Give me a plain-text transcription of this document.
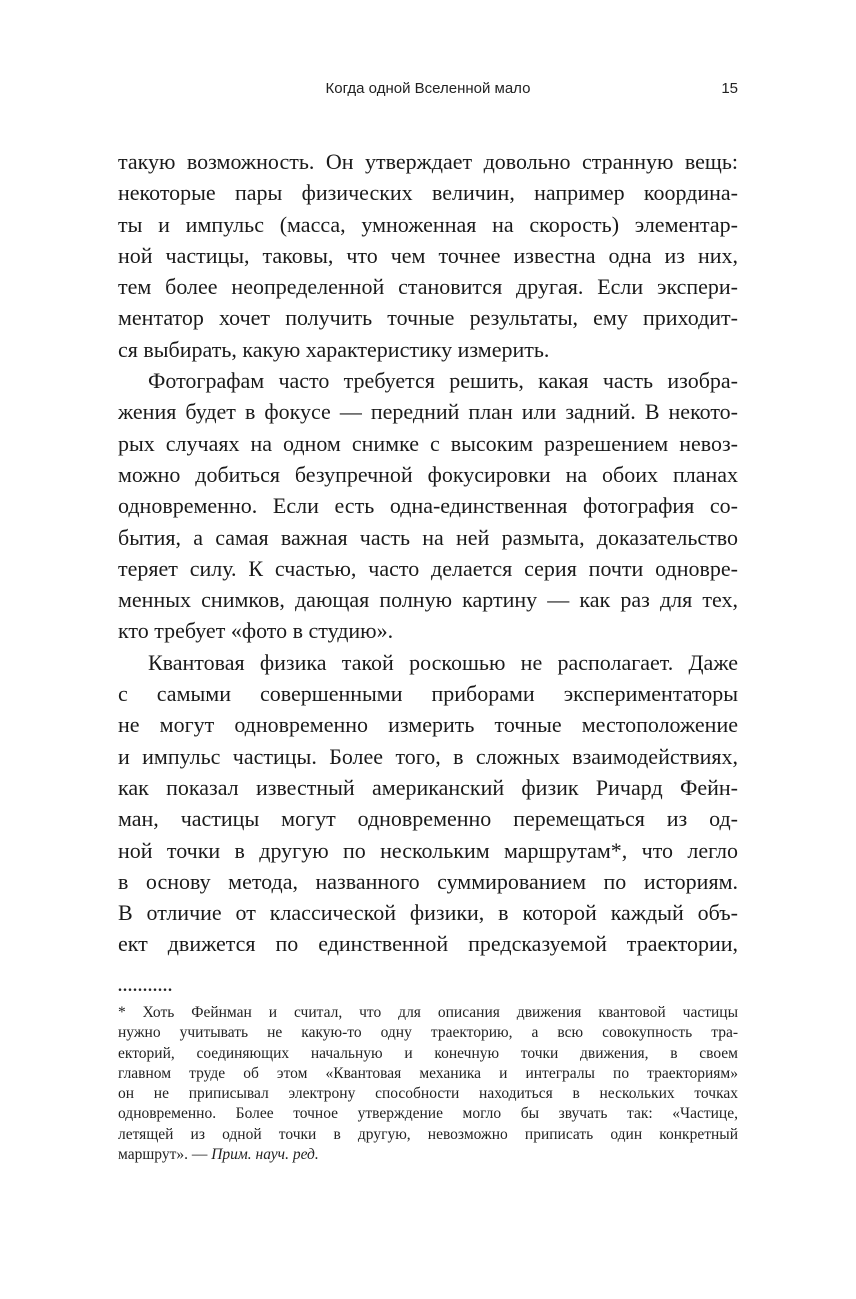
Когда одной Вселенной мало	15
такую возможность. Он утверждает довольно странную вещь:
некоторые пары физических величин, например координа-
ты и импульс (масса, умноженная на скорость) элементар-
ной частицы, таковы, что чем точнее известна одна из них,
тем более неопределенной становится другая. Если экспери-
ментатор хочет получить точные результаты, ему приходит-
ся выбирать, какую характеристику измерить.
Фотографам часто требуется решить, какая часть изобра-
жения будет в фокусе — передний план или задний. В некото-
рых случаях на одном снимке с высоким разрешением невоз-
можно добиться безупречной фокусировки на обоих планах
одновременно. Если есть одна-единственная фотография со-
бытия, а самая важная часть на ней размыта, доказательство
теряет силу. К счастью, часто делается серия почти одновре-
менных снимков, дающая полную картину — как раз для тех,
кто требует «фото в студию».
Квантовая физика такой роскошью не располагает. Даже
с самыми совершенными приборами экспериментаторы
не могут одновременно измерить точные местоположение
и импульс частицы. Более того, в сложных взаимодействиях,
как показал известный американский физик Ричард Фейн-
ман, частицы могут одновременно перемещаться из од-
ной точки в другую по нескольким маршрутам*, что легло
в основу метода, названного суммированием по историям.
В отличие от классической физики, в которой каждый объ-
ект движется по единственной предсказуемой траектории,
...........
* Хоть Фейнман и считал, что для описания движения квантовой частицы
нужно учитывать не какую-то одну траекторию, а всю совокупность тра-
екторий, соединяющих начальную и конечную точки движения, в своем
главном труде об этом «Квантовая механика и интегралы по траекториям»
он не приписывал электрону способности находиться в нескольких точках
одновременно. Более точное утверждение могло бы звучать так: «Частице,
летящей из одной точки в другую, невозможно приписать один конкретный
маршрут». — Прим. науч. ред.
